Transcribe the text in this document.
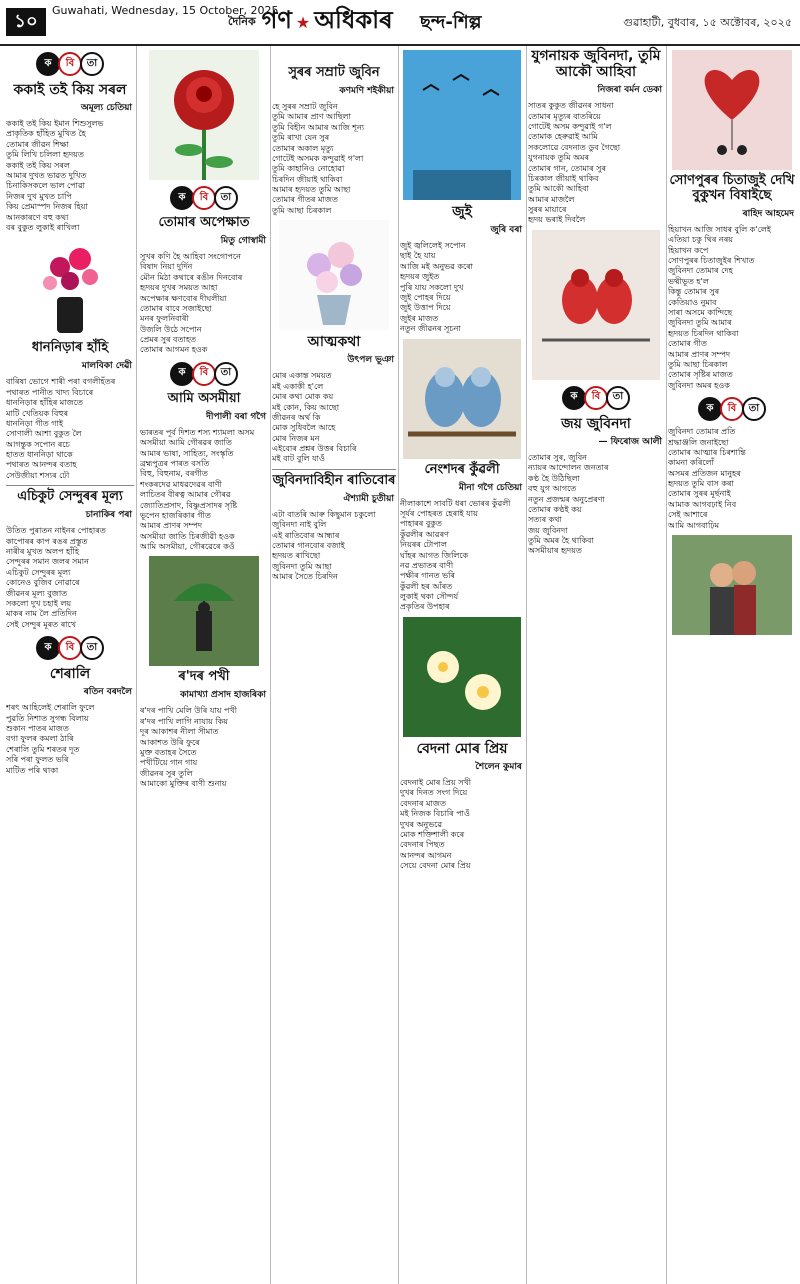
১০
Guwahati, Wednesday, 15 October, 2025
দৈনিক গণ ★ অধিকাৰ ছন্দ-শিল্প	গুৱাহাটী, বুধবাৰ, ১৫ অক্টোবৰ, ২০২৫
ক	বি	তা
ককাই তই কিয় সৰল
অমূল্য চেতিয়া

ককাই তই কিয় ইমান শিশুসুলভ
প্ৰাকৃতিক হাঁহিত মুখিত হৈ
তোমাৰ জীৱন শিক্ষা
তুমি লিখি চলিলা হৃদয়ত
ককাই তই কিয় সৰল
আমাৰ দুখত ভাৱত দুখিত
চিনাকিসকলে ভাল পোৱা
নিজৰ দুখ মুখত চাপি
কিয় প্ৰেমাস্পদ নিজৰ হিয়া
আনকাৰণে বহু কথা
বৰ বুকুত লুকাই ৰাখিলা

ধাননিড়াৰ হাঁহি
মালবিকা দেৱী

বাৰিষা ভোগে শাৰী পৰা বগলীহঁতৰ
পথাৰত পানীত খাদ্য বিচাৰে
ধাননিড়াৰ হাঁহিৰ মাজতে
মাটি খেতিয়ক বিহুৰ
ধাননিড়া গীত গাই
সোণালী আশা বুকুত লৈ
আগন্তুক সপোন ৰচে
হাতত ধাননিড়া থাকে
পথাৰত আনন্দৰ বতাহ
সেউজীয়া শস্যৰ ঢৌ

এচিকুট সেন্দুৰৰ মূল্য
চানাকিৰ পৰা

উতিত পুৰাতন নাইনৰ পোহাৰত
কাপোৰৰ কাপ ৰঙৰ প্ৰস্তুত
নাৰীৰ মুখত অলপ হাঁহি
সেন্দুৰৰ সমান জলৰ সমান
এচিকুট সেন্দুৰৰ মূল্য
কোনেও বুজিব নোৱাৰে
জীৱনৰ মূল্য বুজাত
সকলো দুখ চহাই লয়
মাকৰ নাম লৈ প্ৰতিদিন
সেই সেন্দুৰ মূৰত ৰাখে

ক	বি	তা
শেৰালি
ৰতিন বৰদলৈ

শৰৎ আহিলেই শেৰালি ফুলে
পুৱতি নিশাত সুগন্ধ বিলায়
শুকান পাতৰ মাজত
বগা ফুলৰ কমলা ঠাৰি
শেৰালি তুমি শৰতৰ দূত
সৰি পৰা ফুলত ভৰি
মাটিত পৰি থাকা

ক	বি	তা
তোমাৰ অপেক্ষাত
মিতু গোস্বামী

সুখৰ কণি হৈ আহিবা সংগোপনে
বিষাদ নিয়া দুৰ্দিন
মৌন মিঠা কথাৰে ৰঙীন দিনবোৰ
হৃদয়ৰ দুখৰ সময়ত আহা
অপেক্ষাৰ ক্ষণবোৰ দীঘলীয়া
তোমাৰ বাবে সজাইছো
মনৰ ফুলনিবাৰী
উজলি উঠে সপোন
প্ৰেমৰ সুৰ বতাহত
তোমাৰ আগমন হওক

ক	বি	তা
আমি অসমীয়া
দীপালী বৰা গগৈ

ভাৰতৰ পূৰ্ব দিশত শস্য শ্যামলা অসম
অসমীয়া আমি গৌৰৱৰ জাতি
আমাৰ ভাষা, সাহিত্য, সংস্কৃতি
ব্ৰহ্মপুত্ৰৰ পাৰত বসতি
বিহু, বিহুনাম, বৰগীত
শংকৰদেৱ মাধৱদেৱৰ বাণী
লাচিতৰ বীৰত্ব আমাৰ গৌৰৱ
জ্যোতিপ্ৰসাদ, বিষ্ণুপ্ৰসাদৰ সৃষ্টি
ভূপেন হাজৰিকাৰ গীত
আমাৰ প্ৰাণৰ সম্পদ
অসমীয়া জাতি চিৰজীৱী হওক
আমি অসমীয়া, গৌৰৱেৰে কওঁ

ৰ'দৰ পখী
কামাখ্যা প্ৰসাদ হাজৰিকা

ৰ'দৰ পাখি মেলি উৰি যায় পখী
ৰ'দৰ পাখি লাগি নাযায় কিয়
দূৰ আকাশৰ নীলা সীমাত
আকাশত উৰি ফুৰে
মুক্ত বতাহৰ সৈতে
পখীটিয়ে গান গায়
জীৱনৰ সুৰ তুলি
আমাকো মুক্তিৰ বাণী শুনায়

সুৰৰ সম্ৰাট জুবিন
কণমণি শইকীয়া

হে সুৰৰ সম্ৰাট জুবিন
তুমি আমাৰ প্ৰাণ আছিলা
তুমি বিহীন আমাৰ আজি শূন্য
তুমি ৰাখা যেন সুৰ
তোমাৰ অকাল মৃত্যু
গোটেই অসমক কন্দুৱাই গ'লা
তুমি কাহানিও নোহোৱা
চিৰদিন জীয়াই থাকিবা
আমাৰ হৃদয়ত তুমি আছা
তোমাৰ গীতৰ মাজত
তুমি আছা চিৰকাল

আত্মকথা
উৎপল ভূঞা

মোৰ একান্ত সময়ত
মই একাকী হ'লে
মোৰ কথা মোক কয়
মই কোন, কিয় আছো
জীৱনৰ অৰ্থ কি
মোক সুধিবলৈ আহে
মোৰ নিজৰ মন
এইবোৰ প্ৰশ্নৰ উত্তৰ বিচাৰি
মই বাট বুলি যাওঁ

জুবিনদাবিহীন ৰাতিবোৰ
ঐশ্যামী চুতীয়া

এটা বাতৰি আৰু কিছুমান চকুলো
জুবিনদা নাই বুলি
এই ৰাতিবোৰ আন্ধাৰ
তোমাৰ গানবোৰ বজাই
হৃদয়ত ৰাখিছো
জুবিনদা তুমি আছা
আমাৰ সৈতে চিৰদিন

জুই
জুৰি বৰা

জুই জ্বলিলেই সপোন
ছাই হৈ যায়
আজি মই অনুভৱ কৰো
হৃদয়ৰ জুইত
পুৰি যায় সকলো দুখ
জুই পোহৰ দিয়ে
জুই উত্তাপ দিয়ে
জুইৰ মাজত
নতুন জীৱনৰ সূচনা

নেংশদৰ কুঁৱলী
মীনা গগৈ চেতিয়া

নীলাকাশে সাবটি ধৰা ভোৰৰ কুঁৱলী
সূৰ্যৰ পোহৰত হেৰাই যায়
পাহাৰৰ বুকুত
কুঁৱলীৰ আৱৰণ
নিয়ৰৰ টোপাল
ঘাঁহৰ আগত জিলিকে
নৱ প্ৰভাতৰ বাণী
পক্ষীৰ গানত ভৰি
কুঁৱলী হৰ আঁৰত
লুকাই থকা সৌন্দৰ্য
প্ৰকৃতিৰ উপহাৰ

বেদনা মোৰ প্ৰিয়
শৈলেন কুমাৰ

বেদনাই মোৰ প্ৰিয় সখী
দুখৰ দিনত সংগ দিয়ে
বেদনাৰ মাজত
মই নিজক বিচাৰি পাওঁ
দুখৰ অনুভৱে
মোক শক্তিশালী কৰে
বেদনাৰ পিছত
আনন্দৰ আগমন
সেয়ে বেদনা মোৰ প্ৰিয়

যুগনায়ক জুবিনদা, তুমি আকৌ আহিবা
নিজৰা বৰ্মন ডেকা

সাতৰ কুকুত জীৱনৰ সাধনা
তোমাৰ মৃত্যুৰ বাতৰিয়ে
গোটেই অসম কন্দুৱাই গ'ল
তোমাক হেৰুৱাই আমি
সকলোৱে বেদনাত ডুব গৈছো
যুগনায়ক তুমি অমৰ
তোমাৰ গান, তোমাৰ সুৰ
চিৰকাল জীয়াই থাকিব
তুমি আকৌ আহিবা
আমাৰ মাজলৈ
সুৰৰ মায়াৰে
হৃদয় ভৰাই দিবলৈ

ক	বি	তা
জয় জুবিনদা
— ফিৰোজ আলী

তোমাৰ সুৰ, জুবিন
ন্যায়ৰ আন্দোলন জনতাৰ
কণ্ঠ হৈ উঠিছিলা
বহু যুগ আগতে
নতুন প্ৰজন্মৰ অনুপ্ৰেৰণা
তোমাৰ কণ্ঠই কয়
সত্যৰ কথা
জয় জুবিনদা
তুমি অমৰ হৈ থাকিবা
অসমীয়াৰ হৃদয়ত

সোণপুৰৰ চিতাজুই দেখি বুকুখন বিষাইছে
ৰাহিদ আহমেদ

হিয়াখন আজি সাধৰ বুলি ক'লেই
এতিয়া চকু থিৰ নৰয়
হিয়াখন কপে
সোণপুৰৰ চিতাজুইৰ শিখাত
জুবিনদা তোমাৰ দেহ
ভষ্মীভূত হ'ল
কিন্তু তোমাৰ সুৰ
কেতিয়াও নুমাব
সাৰা অসমে কান্দিছে
জুবিনদা তুমি আমাৰ
হৃদয়ত চিৰদিন থাকিবা
তোমাৰ গীত
আমাৰ প্ৰাণৰ সম্পদ
তুমি আছা চিৰকাল
তোমাৰ সৃষ্টিৰ মাজত
জুবিনদা অমৰ হওক

ক	বি	তা

জুবিনদা তোমাৰ প্ৰতি
শ্ৰদ্ধাঞ্জলি জনাইছো
তোমাৰ আত্মাৰ চিৰশান্তি
কামনা কৰিলোঁ
অসমৰ প্ৰতিজন মানুহৰ
হৃদয়ত তুমি বাস কৰা
তোমাৰ সুৰৰ মূৰ্ছনাই
আমাক আগবঢ়াই নিব
সেই আশাৰে
আমি আগবাঢ়িম
